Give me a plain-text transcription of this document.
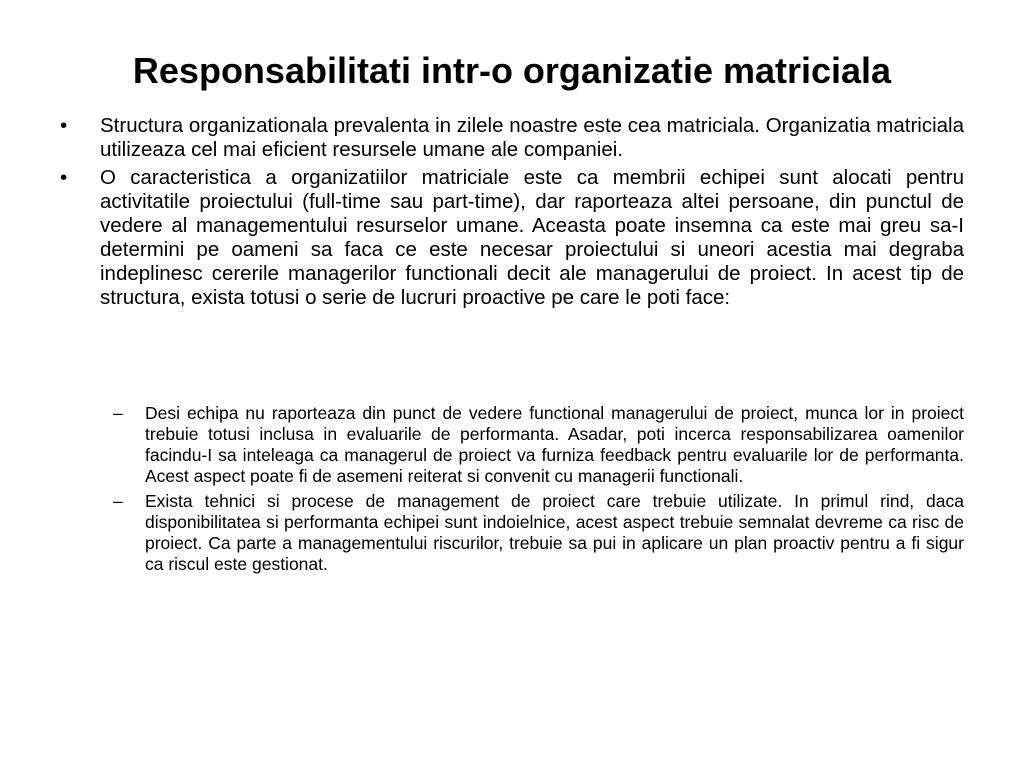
Responsabilitati intr-o organizatie matriciala
• Structura organizationala prevalenta in zilele noastre este cea matriciala. Organizatia matriciala utilizeaza cel mai eficient resursele umane ale companiei.
• O caracteristica a organizatiilor matriciale este ca membrii echipei sunt alocati pentru activitatile proiectului (full-time sau part-time), dar raporteaza altei persoane, din punctul de vedere al managementului resurselor umane. Aceasta poate insemna ca este mai greu sa-I determini pe oameni sa faca ce este necesar proiectului si uneori acestia mai degraba indeplinesc cererile managerilor functionali decit ale managerului de proiect. In acest tip de structura, exista totusi o serie de lucruri proactive pe care le poti face:
– Desi echipa nu raporteaza din punct de vedere functional managerului de proiect, munca lor in proiect trebuie totusi inclusa in evaluarile de performanta. Asadar, poti incerca responsabilizarea oamenilor facindu-I sa inteleaga ca managerul de proiect va furniza feedback pentru evaluarile lor de performanta. Acest aspect poate fi de asemeni reiterat si convenit cu managerii functionali.
– Exista tehnici si procese de management de proiect care trebuie utilizate. In primul rind, daca disponibilitatea si performanta echipei sunt indoielnice, acest aspect trebuie semnalat devreme ca risc de proiect. Ca parte a managementului riscurilor, trebuie sa pui in aplicare un plan proactiv pentru a fi sigur ca riscul este gestionat.
